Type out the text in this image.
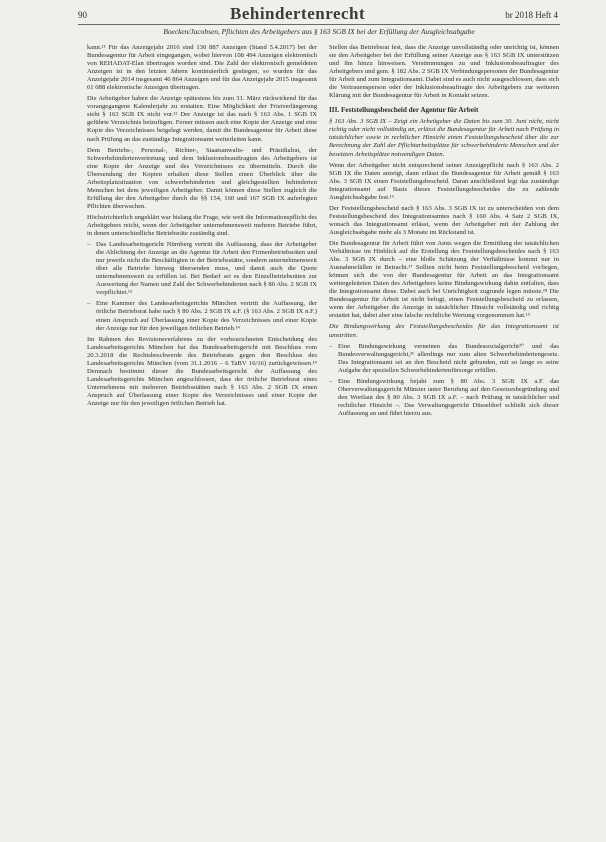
90	Behindertenrecht	br 2018 Heft 4
Boecken/Jacobsen, Pflichten des Arbeitgebers aus § 163 SGB IX bei der Erfüllung der Ausgleichsabgabe

kann.¹¹ Für das Anzeigejahr 2016 sind 130 887 Anzeigen (Stand 5.4.2017) bei der Bundesagentur für Arbeit eingegangen, wobei hiervon 108 494 Anzeigen elektronisch von REHADAT-Elan übertragen worden sind. Die Zahl der elektronisch gemeldeten Anzeigen ist in den letzten Jahren kontinuierlich gestiegen, so wurden für das Anzeigejahr 2014 insgesamt 46 864 Anzeigen und für das Anzeigejahr 2015 insgesamt 61 088 elektronische Anzeigen übertragen.

Die Arbeitgeber haben die Anzeige spätestens bis zum 31. März rückwirkend für das vorangegangene Kalenderjahr zu erstatten. Eine Möglichkeit der Fristverlängerung sieht § 163 SGB IX nicht vor.¹² Der Anzeige ist das nach § 163 Abs. 1 SGB IX geführte Verzeichnis beizufügen. Ferner müssen auch eine Kopie der Anzeige und eine Kopie des Verzeichnisses beigelegt werden, damit die Bundesagentur für Arbeit diese nach Prüfung an das zuständige Integrationsamt weiterleiten kann.

Dem Betriebs-, Personal-, Richter-, Staatsanwalts- und Präsidialrat, der Schwerbehindertenvertretung und dem Inklusionsbeauftragten des Arbeitgebers ist eine Kopie der Anzeige und des Verzeichnisses zu übermitteln. Durch die Übersendung der Kopien erhalten diese Stellen einen Überblick über die Arbeitsplatzsituation von schwerbehinderten und gleichgestellten behinderten Menschen bei dem jeweiligen Arbeitgeber. Damit können diese Stellen zugleich die Erfüllung der den Arbeitgeber durch die §§ 154, 160 und 167 SGB IX auferlegten Pflichten überwachen.

Höchstrichterlich ungeklärt war bislang die Frage, wie weit die Informationspflicht des Arbeitgebers reicht, wenn der Arbeitgeber unternehmensweit mehrere Betriebe führt, in denen unterschiedliche Betriebsräte zuständig sind.

– Das Landesarbeitsgericht Nürnberg vertritt die Auffassung, dass der Arbeitgeber die Ablichtung der Anzeige an die Agentur für Arbeit den Firmenbetriebsräten und nur jeweils nicht die Beschäftigten in der Betriebsstätte, sondern unternehmensweit über alle Betriebe hinweg übersenden muss, und damit auch die Quote unternehmensweit zu erfüllen ist. Bei Bedarf sei es den Einzelbetriebsräten zur Auswertung der Namen und Zahl der Schwerbehinderten nach § 80 Abs. 2 SGB IX verpflichtet.¹³
– Eine Kammer des Landesarbeitsgerichts München vertritt die Auffassung, der örtliche Betriebsrat habe nach § 80 Abs. 2 SGB IX a.F. (§ 163 Abs. 2 SGB IX n.F.) einen Anspruch auf Überlassung einer Kopie des Verzeichnisses und einer Kopie der Anzeige nur für den jeweiligen örtlichen Betrieb.¹⁴

Im Rahmen des Revisionsverfahrens zu der vorbezeichneten Entscheidung des Landesarbeitsgerichts München hat das Bundesarbeitsgericht mit Beschluss vom 20.3.2018 die Rechtsbeschwerde des Betriebsrats gegen den Beschluss des Landesarbeitsgerichts München (vom 31.1.2016 – 6 TaBV 16/16) zurückgewiesen.¹⁵ Demnach bestimmt dieser die Bundesarbeitsgericht der Auffassung des Landesarbeitsgerichts München angeschlossen, dass der örtliche Betriebsrat eines Unternehmens mit mehreren Betriebsstätten nach § 163 Abs. 2 SGB IX einen Anspruch auf Überlassung einer Kopie des Verzeichnisses und einer Kopie der Anzeige nur für den jeweiligen örtlichen Betrieb hat.

Stellen das Betriebsrat fest, dass die Anzeige unvollständig oder unrichtig ist, können sie den Arbeitgeber bei der Erfüllung seiner Anzeige aus § 163 SGB IX unterstützen und ihn hinzu hinweisen. Verstimmungen zu und Inklusionsbeauftragter des Arbeitgebers und gem. § 182 Abs. 2 SGB IX Verbindungspersonen der Bundesagentur für Arbeit und zum Integrationsamt. Dabei sind es auch nicht ausgeschlossen, dass sich die Vertrauensperson oder der Inklusionsbeauftragte des Arbeitgebers zur weiteren Klärung mit der Bundesagentur für Arbeit in Kontakt setzen.

III. Feststellungsbescheid der Agentur für Arbeit

§ 163 Abs. 3 SGB IX – Zeigt ein Arbeitgeber die Daten bis zum 30. Juni nicht, nicht richtig oder nicht vollständig an, erlässt die Bundesagentur für Arbeit nach Prüfung in tatsächlicher sowie in rechtlicher Hinsicht einen Feststellungsbescheid über die zur Berechnung der Zahl der Pflichtarbeitsplätze für schwerbehinderte Menschen und der besetzten Arbeitsplätze notwendigen Daten.

Wenn der Arbeitgeber nicht entsprechend seiner Anzeigepflicht nach § 163 Abs. 2 SGB IX die Daten anzeigt, dann erlässt die Bundesagentur für Arbeit gemäß § 163 Abs. 3 SGB IX einen Feststellungsbescheid. Daran anschließend legt das zuständige Integrationsamt auf Basis dieses Feststellungsbescheides die zu zahlende Ausgleichsabgabe fest.¹⁶

Der Feststellungsbescheid nach § 163 Abs. 3 SGB IX ist zu unterscheiden von dem Feststellungsbescheid des Integrationsamtes nach § 160 Abs. 4 Satz 2 SGB IX, wonach das Integrationsamt erlässt, wenn der Arbeitgeber mit der Zahlung der Ausgleichsabgabe mehr als 3 Monate im Rückstand ist.

Die Bundesagentur für Arbeit führt von Amts wegen die Ermittlung der tatsächlichen Verhältnisse im Hinblick auf die Erstellung des Feststellungsbescheides nach § 163 Abs. 3 SGB IX durch – eine bloße Schätzung der Verhältnisse kommt nur in Ausnahmefällen in Betracht.¹⁷ Sollten nicht beim Feststellungsbescheid vorliegen, können sich die von der Bundesagentur für Arbeit an das Integrationsamt weitergeleiteten Daten des Arbeitgebers keine Bindungswirkung dahin entfalten, dass die Integrationsamt diese. Dabei auch bei Unrichtigkeit zugrunde legen müsste.¹⁸ Die Bundesagentur für Arbeit ist nicht befugt, einen Feststellungsbescheid zu erlassen, wenn der Arbeitgeber die Anzeige in tatsächlicher Hinsicht vollständig und richtig erstattet hat, dabei aber eine falsche rechtliche Wertung vorgenommen hat.¹⁹

Die Bindungswirkung des Feststellungsbescheides für das Integrationsamt ist umstritten.

– Eine Bindungswirkung verneinen das Bundessozialgericht²⁰ und das Bundesverwaltungsgericht,²¹ allerdings nur zum alten Schwerbehindertengesetz. Das Integrationsamt sei an den Bescheid nicht gebunden, mit so lange es seine Aufgabe der speziellen Schwerbehindertenfürsorge erfüllen.
– Eine Bindungswirkung bejaht zum § 80 Abs. 3 SGB IX a.F. das Oberverwaltungsgericht Münster unter Berufung auf den Gesetzesbegründung und den Wortlaut des § 80 Abs. 3 SGB IX a.F. – nach Prüfung in tatsächlicher und rechtlicher Hinsicht –. Das Verwaltungsgericht Düsseldorf schließt sich dieser Auffassung an und führt hierzu aus.
